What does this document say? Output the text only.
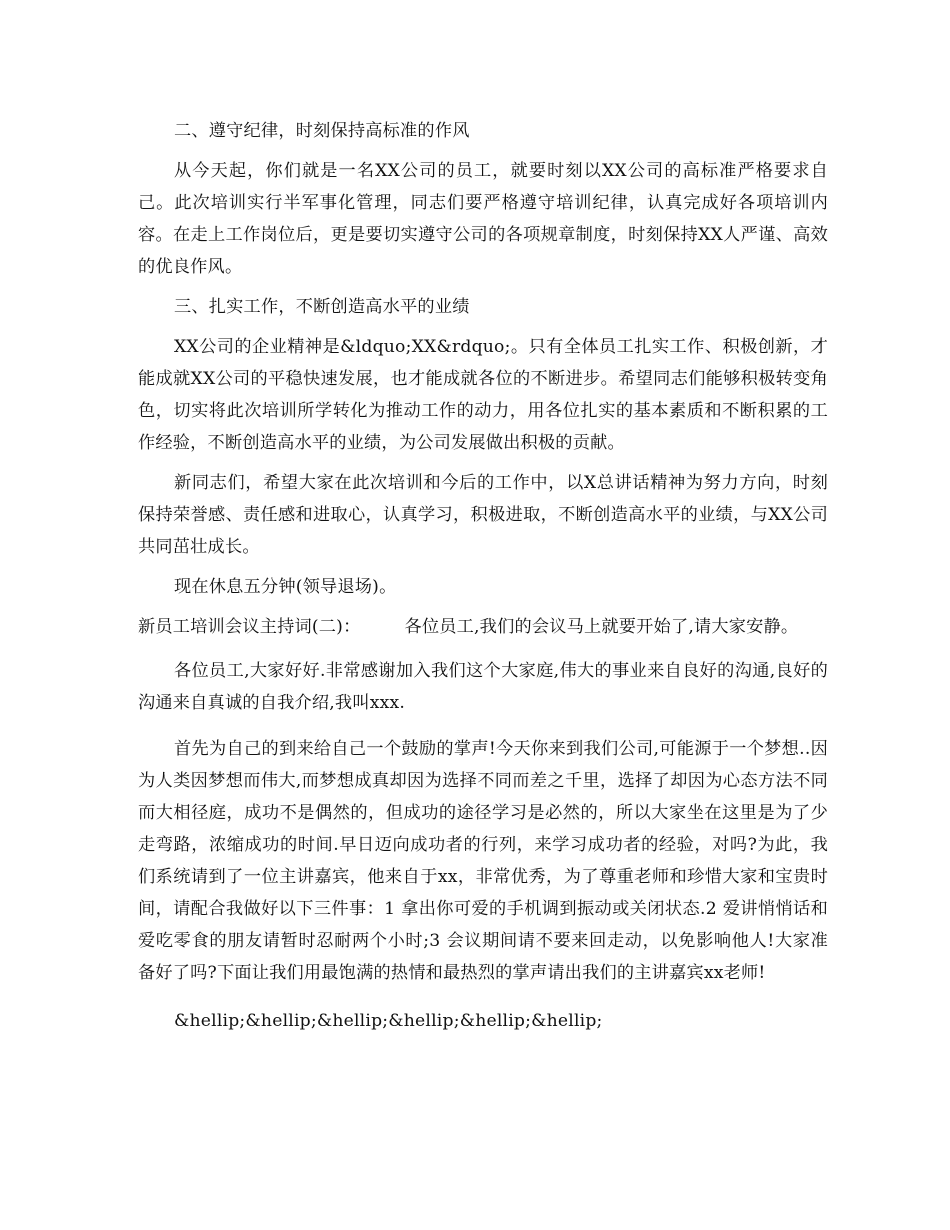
二、遵守纪律，时刻保持高标准的作风

从今天起，你们就是一名XX公司的员工，就要时刻以XX公司的高标准严格要求自己。此次培训实行半军事化管理，同志们要严格遵守培训纪律，认真完成好各项培训内容。在走上工作岗位后，更是要切实遵守公司的各项规章制度，时刻保持XX人严谨、高效的优良作风。

三、扎实工作，不断创造高水平的业绩

XX公司的企业精神是&ldquo;XX&rdquo;。只有全体员工扎实工作、积极创新，才能成就XX公司的平稳快速发展，也才能成就各位的不断进步。希望同志们能够积极转变角色，切实将此次培训所学转化为推动工作的动力，用各位扎实的基本素质和不断积累的工作经验，不断创造高水平的业绩，为公司发展做出积极的贡献。

新同志们，希望大家在此次培训和今后的工作中，以X总讲话精神为努力方向，时刻保持荣誉感、责任感和进取心，认真学习，积极进取，不断创造高水平的业绩，与XX公司共同茁壮成长。

现在休息五分钟(领导退场)。

新员工培训会议主持词(二)：	各位员工,我们的会议马上就要开始了,请大家安静。

各位员工,大家好好.非常感谢加入我们这个大家庭,伟大的事业来自良好的沟通,良好的沟通来自真诚的自我介绍,我叫xxx.

首先为自己的到来给自己一个鼓励的掌声!今天你来到我们公司,可能源于一个梦想..因为人类因梦想而伟大,而梦想成真却因为选择不同而差之千里，选择了却因为心态方法不同而大相径庭，成功不是偶然的，但成功的途径学习是必然的，所以大家坐在这里是为了少走弯路，浓缩成功的时间.早日迈向成功者的行列，来学习成功者的经验，对吗?为此，我们系统请到了一位主讲嘉宾，他来自于xx，非常优秀，为了尊重老师和珍惜大家和宝贵时间，请配合我做好以下三件事：1 拿出你可爱的手机调到振动或关闭状态.2 爱讲悄悄话和爱吃零食的朋友请暂时忍耐两个小时;3 会议期间请不要来回走动，以免影响他人!大家准备好了吗?下面让我们用最饱满的热情和最热烈的掌声请出我们的主讲嘉宾xx老师!

&hellip;&hellip;&hellip;&hellip;&hellip;&hellip;
